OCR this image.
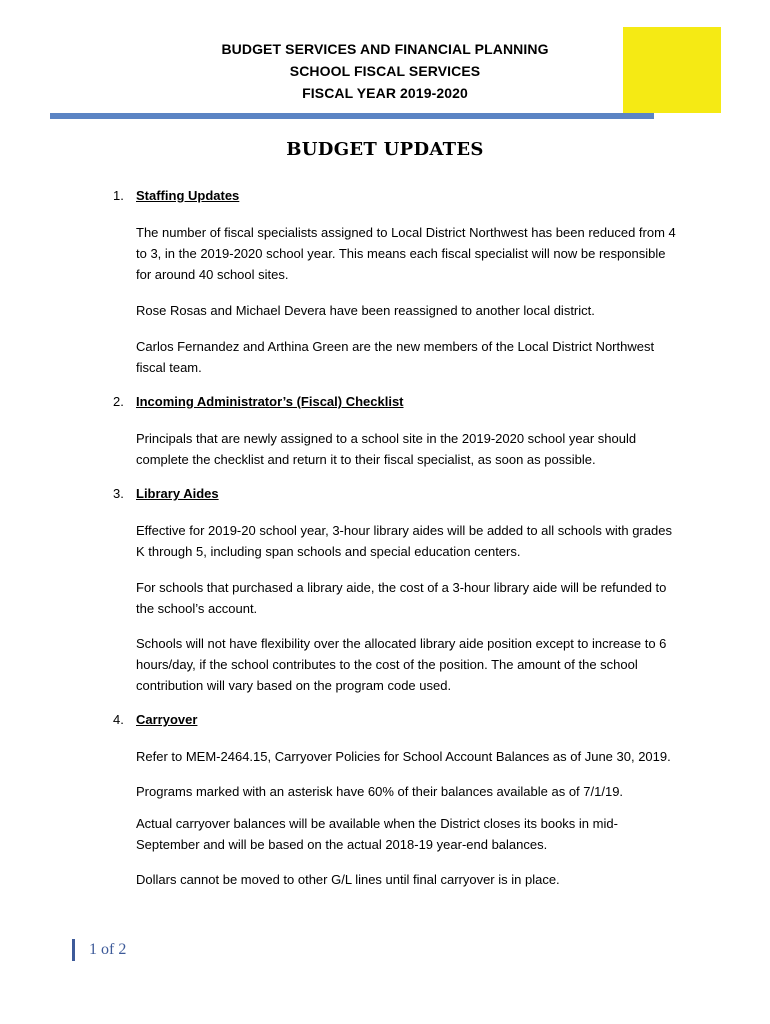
BUDGET SERVICES AND FINANCIAL PLANNING
SCHOOL FISCAL SERVICES
FISCAL YEAR 2019-2020
BUDGET UPDATES
1. Staffing Updates
The number of fiscal specialists assigned to Local District Northwest has been reduced from 4 to 3, in the 2019-2020 school year. This means each fiscal specialist will now be responsible for around 40 school sites.
Rose Rosas and Michael Devera have been reassigned to another local district.
Carlos Fernandez and Arthina Green are the new members of the Local District Northwest fiscal team.
2. Incoming Administrator’s (Fiscal) Checklist
Principals that are newly assigned to a school site in the 2019-2020 school year should complete the checklist and return it to their fiscal specialist, as soon as possible.
3. Library Aides
Effective for 2019-20 school year, 3-hour library aides will be added to all schools with grades K through 5, including span schools and special education centers.
For schools that purchased a library aide, the cost of a 3-hour library aide will be refunded to the school’s account.
Schools will not have flexibility over the allocated library aide position except to increase to 6 hours/day, if the school contributes to the cost of the position. The amount of the school contribution will vary based on the program code used.
4. Carryover
Refer to MEM-2464.15, Carryover Policies for School Account Balances as of June 30, 2019.
Programs marked with an asterisk have 60% of their balances available as of 7/1/19.
Actual carryover balances will be available when the District closes its books in mid-September and will be based on the actual 2018-19 year-end balances.
Dollars cannot be moved to other G/L lines until final carryover is in place.
1 of 2
